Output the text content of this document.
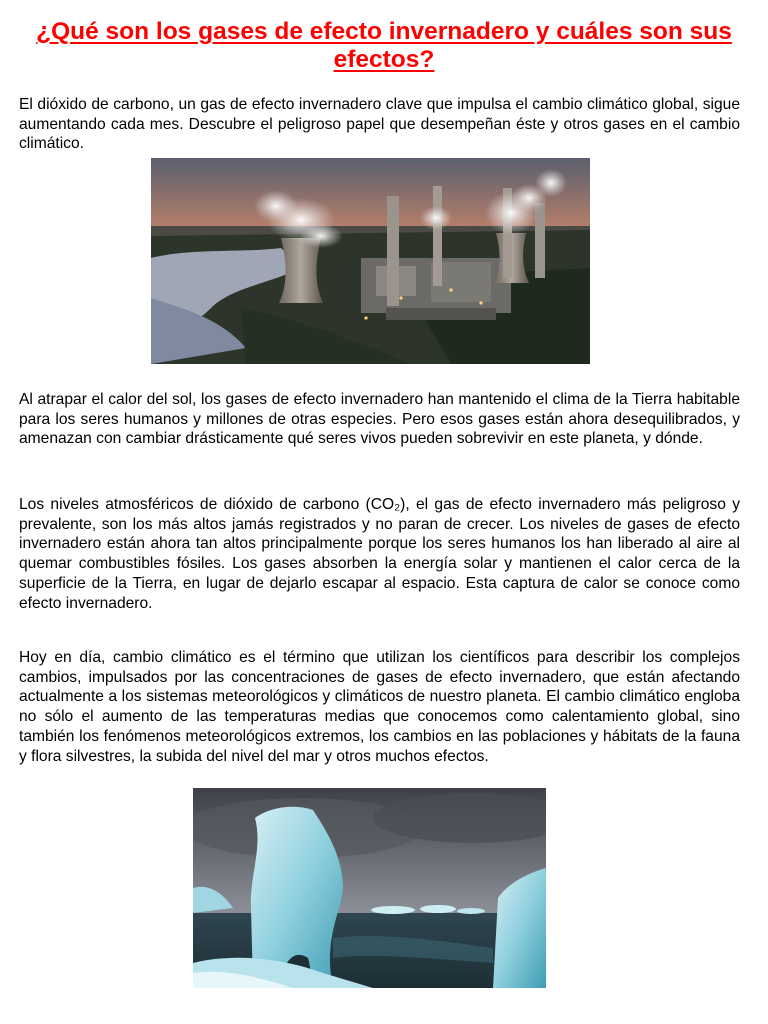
¿Qué son los gases de efecto invernadero y cuáles son sus efectos?

El dióxido de carbono, un gas de efecto invernadero clave que impulsa el cambio climático global, sigue aumentando cada mes. Descubre el peligroso papel que desempeñan éste y otros gases en el cambio climático.

Al atrapar el calor del sol, los gases de efecto invernadero han mantenido el clima de la Tierra habitable para los seres humanos y millones de otras especies. Pero esos gases están ahora desequilibrados, y amenazan con cambiar drásticamente qué seres vivos pueden sobrevivir en este planeta, y dónde.

Los niveles atmosféricos de dióxido de carbono (CO₂), el gas de efecto invernadero más peligroso y prevalente, son los más altos jamás registrados y no paran de crecer. Los niveles de gases de efecto invernadero están ahora tan altos principalmente porque los seres humanos los han liberado al aire al quemar combustibles fósiles. Los gases absorben la energía solar y mantienen el calor cerca de la superficie de la Tierra, en lugar de dejarlo escapar al espacio. Esta captura de calor se conoce como efecto invernadero.

Hoy en día, cambio climático es el término que utilizan los científicos para describir los complejos cambios, impulsados por las concentraciones de gases de efecto invernadero, que están afectando actualmente a los sistemas meteorológicos y climáticos de nuestro planeta. El cambio climático engloba no sólo el aumento de las temperaturas medias que conocemos como calentamiento global, sino también los fenómenos meteorológicos extremos, los cambios en las poblaciones y hábitats de la fauna y flora silvestres, la subida del nivel del mar y otros muchos efectos.
